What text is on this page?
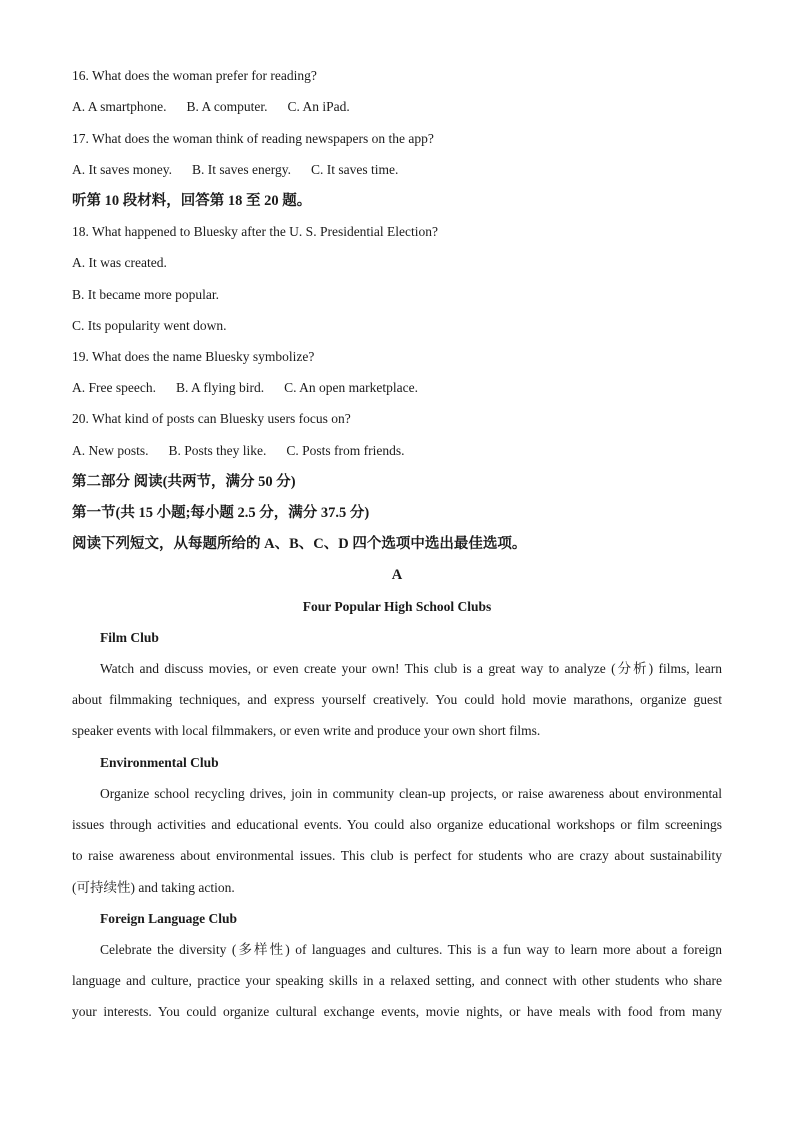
16. What does the woman prefer for reading?
A. A smartphone. B. A computer. C. An iPad.
17. What does the woman think of reading newspapers on the app?
A. It saves money. B. It saves energy. C. It saves time.
听第 10 段材料，回答第 18 至 20 题。
18. What happened to Bluesky after the U. S. Presidential Election?
A. It was created.
B. It became more popular.
C. Its popularity went down.
19. What does the name Bluesky symbolize?
A. Free speech. B. A flying bird. C. An open marketplace.
20. What kind of posts can Bluesky users focus on?
A. New posts. B. Posts they like. C. Posts from friends.
第二部分 阅读(共两节，满分 50 分)
第一节(共 15 小题;每小题 2.5 分，满分 37.5 分)
阅读下列短文，从每题所给的 A、B、C、D 四个选项中选出最佳选项。
A
Four Popular High School Clubs
Film Club
Watch and discuss movies, or even create your own! This club is a great way to analyze (分析) films, learn
about filmmaking techniques, and express yourself creatively. You could hold movie marathons, organize guest
speaker events with local filmmakers, or even write and produce your own short films.
Environmental Club
Organize school recycling drives, join in community clean-up projects, or raise awareness about environmental
issues through activities and educational events. You could also organize educational workshops or film screenings
to raise awareness about environmental issues. This club is perfect for students who are crazy about sustainability
(可持续性) and taking action.
Foreign Language Club
Celebrate the diversity (多样性) of languages and cultures. This is a fun way to learn more about a foreign
language and culture, practice your speaking skills in a relaxed setting, and connect with other students who share
your interests. You could organize cultural exchange events, movie nights, or have meals with food from many
